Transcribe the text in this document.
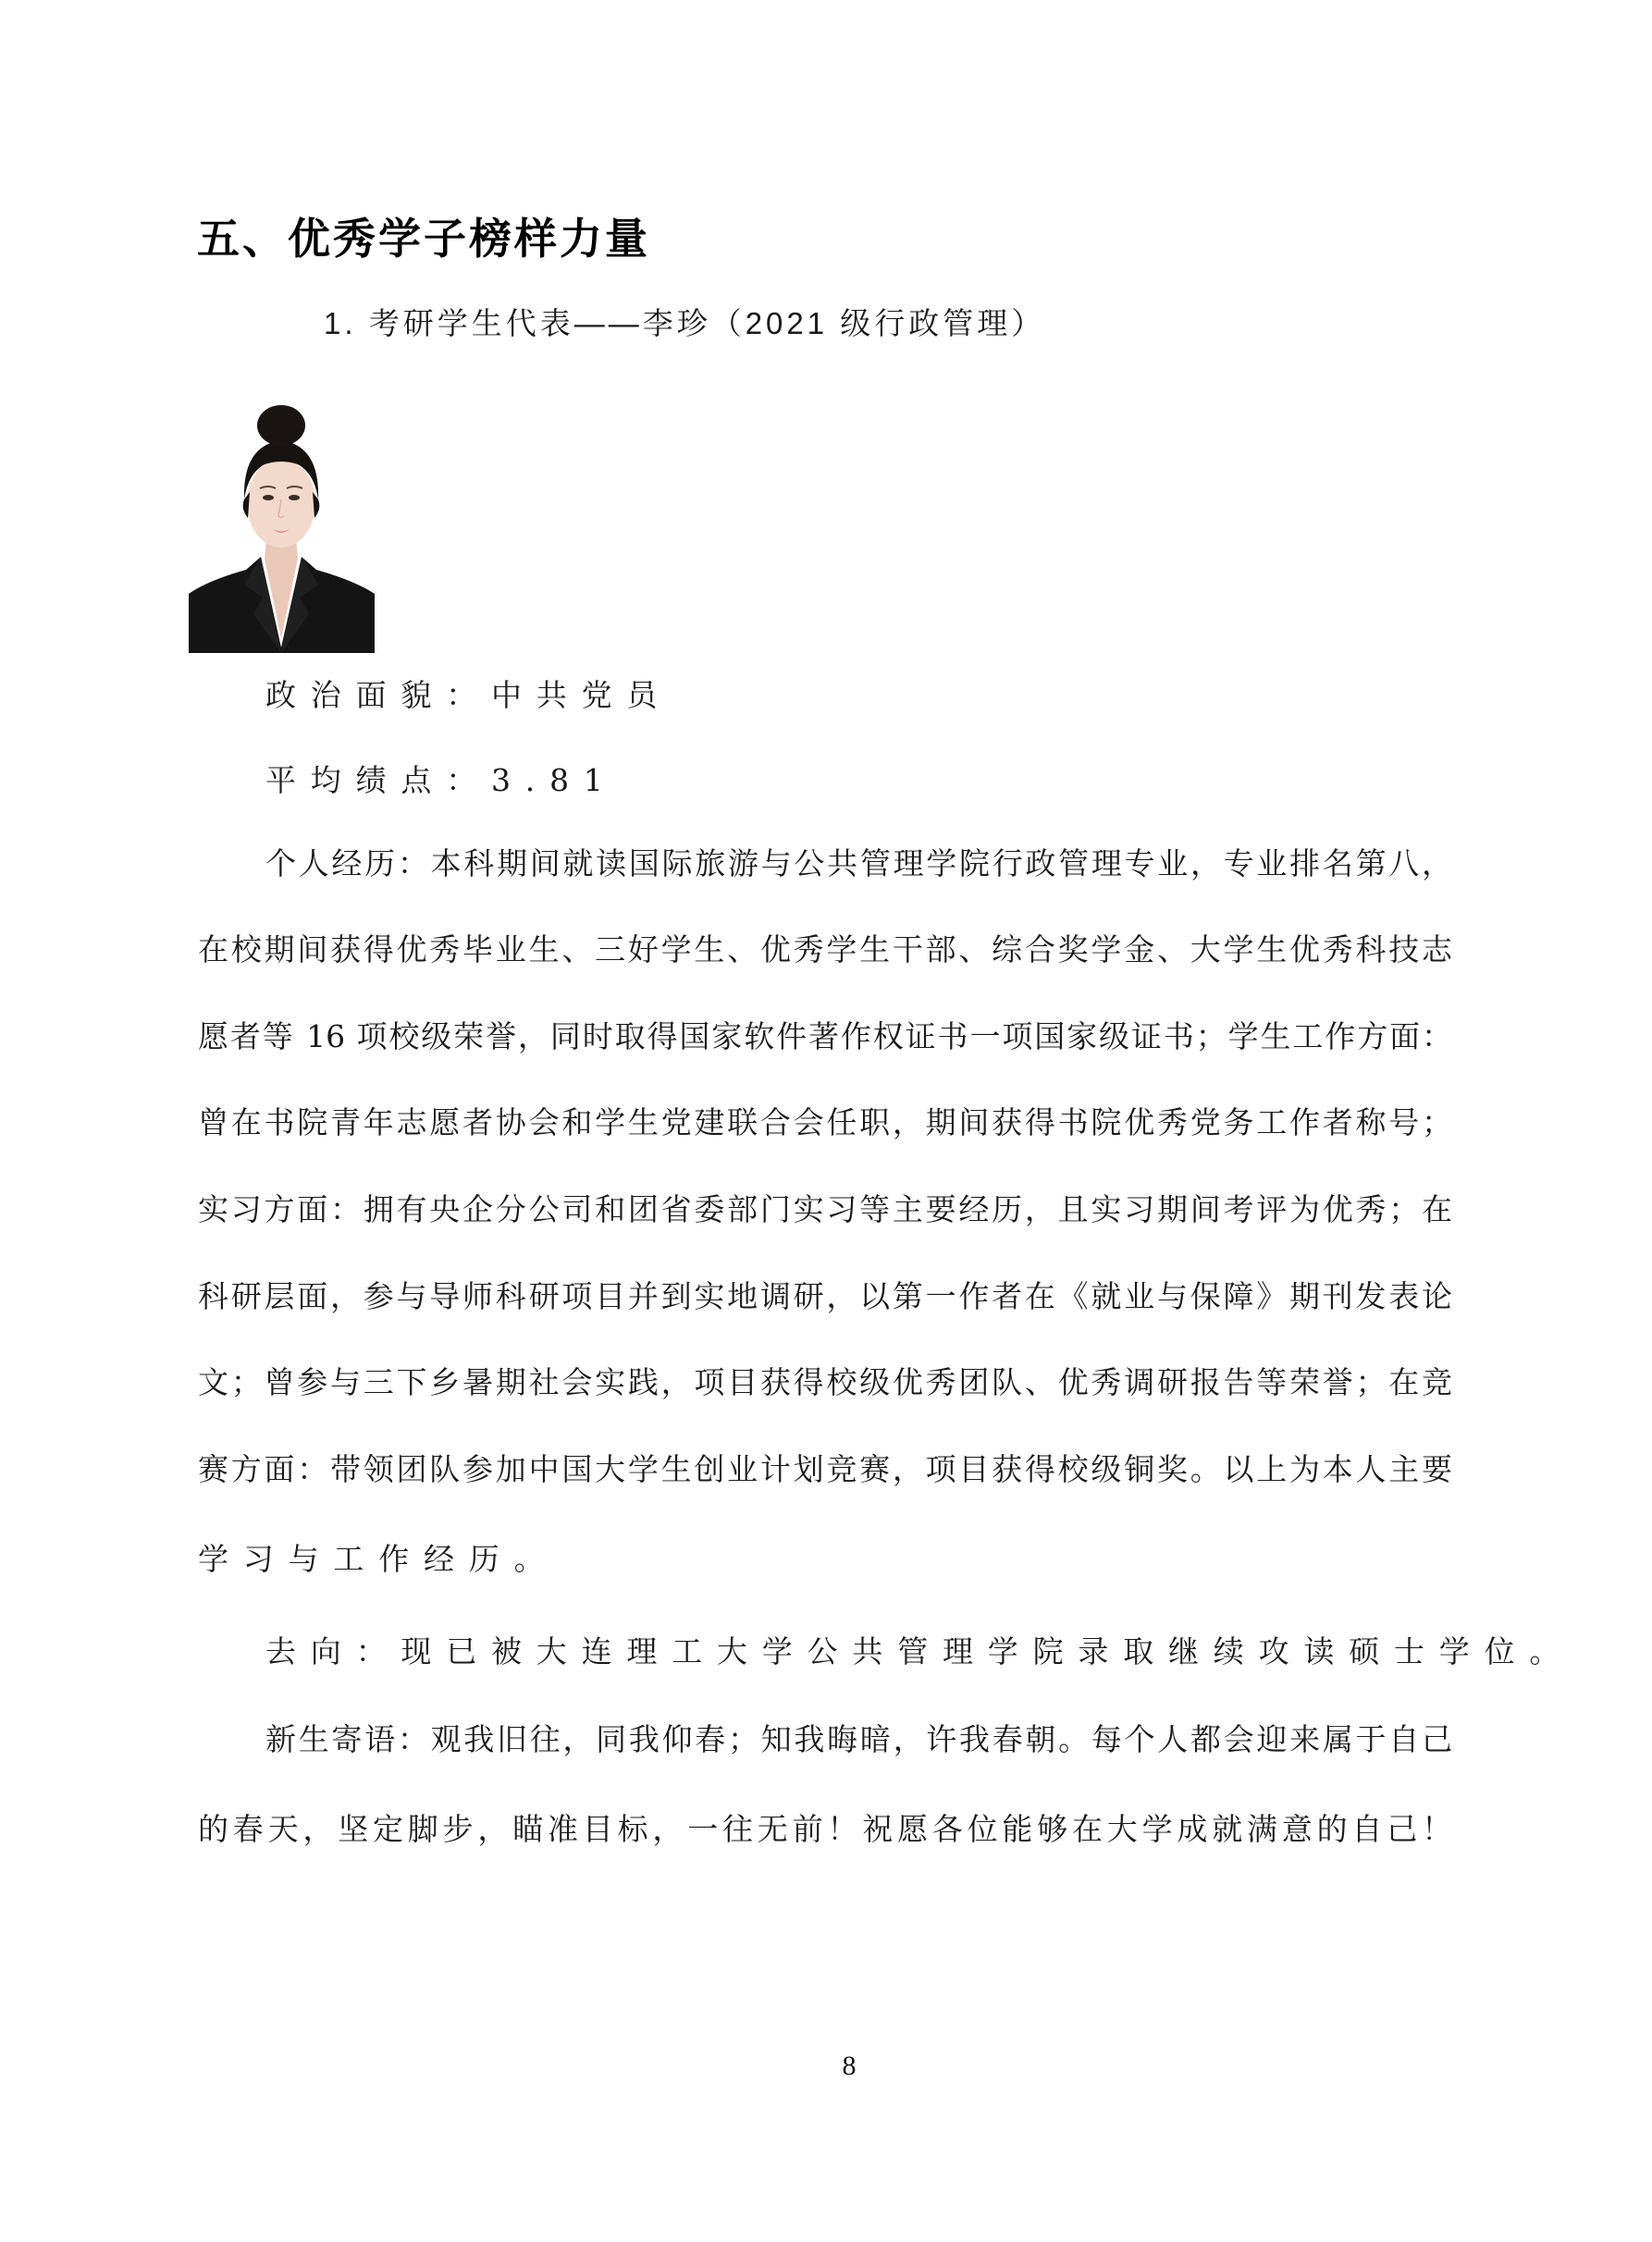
五、优秀学子榜样力量
1. 考研学生代表——李珍（2021 级行政管理）
政治面貌：中共党员
平均绩点：3.81
个人经历：本科期间就读国际旅游与公共管理学院行政管理专业，专业排名第八，
在校期间获得优秀毕业生、三好学生、优秀学生干部、综合奖学金、大学生优秀科技志
愿者等 16 项校级荣誉，同时取得国家软件著作权证书一项国家级证书；学生工作方面：
曾在书院青年志愿者协会和学生党建联合会任职，期间获得书院优秀党务工作者称号；
实习方面：拥有央企分公司和团省委部门实习等主要经历，且实习期间考评为优秀；在
科研层面，参与导师科研项目并到实地调研，以第一作者在《就业与保障》期刊发表论
文；曾参与三下乡暑期社会实践，项目获得校级优秀团队、优秀调研报告等荣誉；在竞
赛方面：带领团队参加中国大学生创业计划竞赛，项目获得校级铜奖。以上为本人主要
学习与工作经历。
去向：现已被大连理工大学公共管理学院录取继续攻读硕士学位。
新生寄语：观我旧往，同我仰春；知我晦暗，许我春朝。每个人都会迎来属于自己
的春天，坚定脚步，瞄准目标，一往无前！祝愿各位能够在大学成就满意的自己！
8
